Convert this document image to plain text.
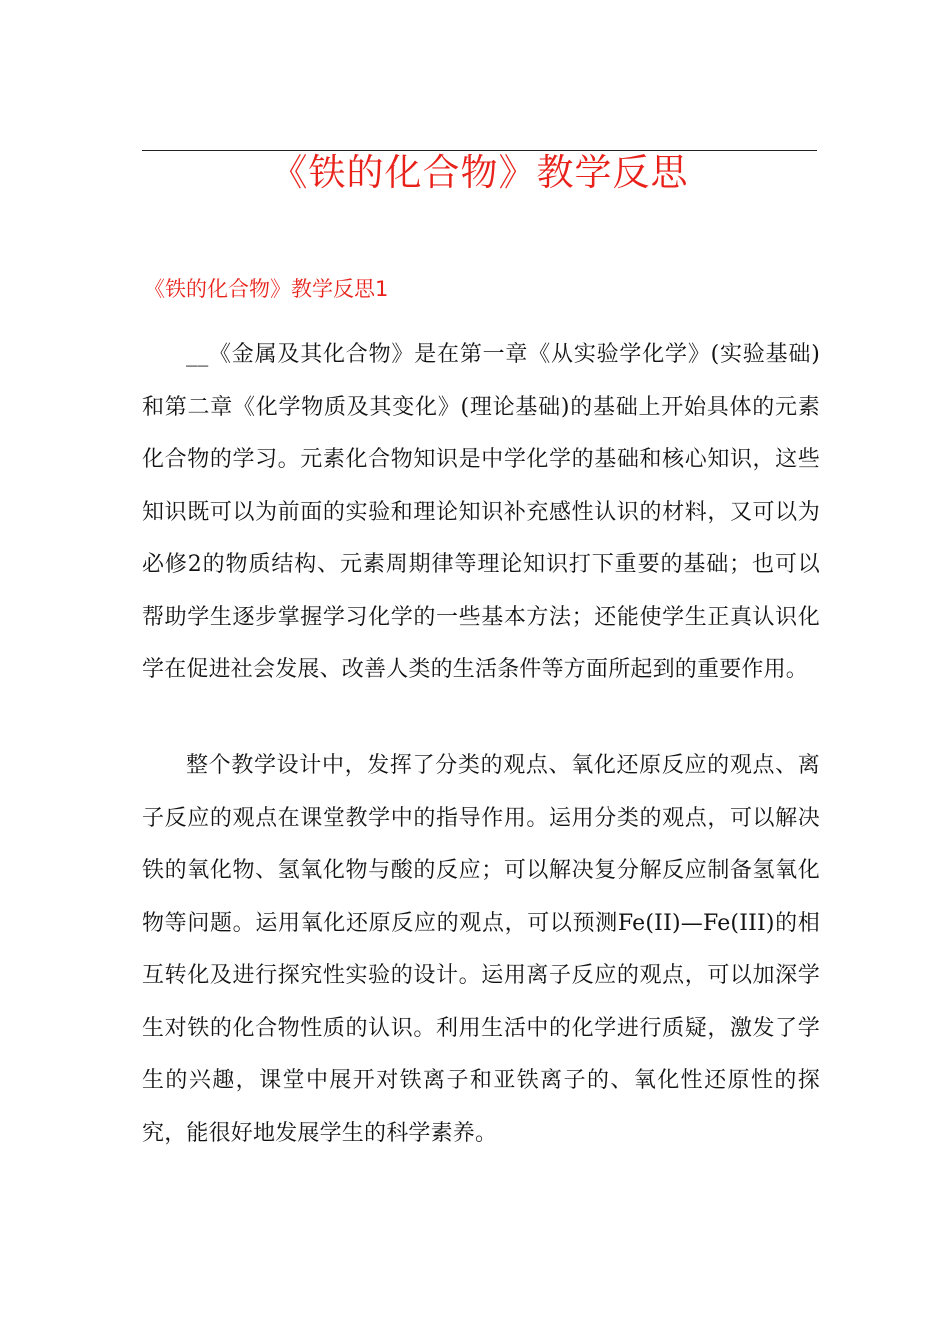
《铁的化合物》教学反思
《铁的化合物》教学反思1

__《金属及其化合物》是在第一章《从实验学化学》(实验基础)和第二章《化学物质及其变化》(理论基础)的基础上开始具体的元素化合物的学习。元素化合物知识是中学化学的基础和核心知识，这些知识既可以为前面的实验和理论知识补充感性认识的材料，又可以为必修2的物质结构、元素周期律等理论知识打下重要的基础；也可以帮助学生逐步掌握学习化学的一些基本方法；还能使学生正真认识化学在促进社会发展、改善人类的生活条件等方面所起到的重要作用。

整个教学设计中，发挥了分类的观点、氧化还原反应的观点、离子反应的观点在课堂教学中的指导作用。运用分类的观点，可以解决铁的氧化物、氢氧化物与酸的反应；可以解决复分解反应制备氢氧化物等问题。运用氧化还原反应的观点，可以预测Fe(II)—Fe(III)的相互转化及进行探究性实验的设计。运用离子反应的观点，可以加深学生对铁的化合物性质的认识。利用生活中的化学进行质疑，激发了学生的兴趣，课堂中展开对铁离子和亚铁离子的、氧化性还原性的探究，能很好地发展学生的科学素养。
